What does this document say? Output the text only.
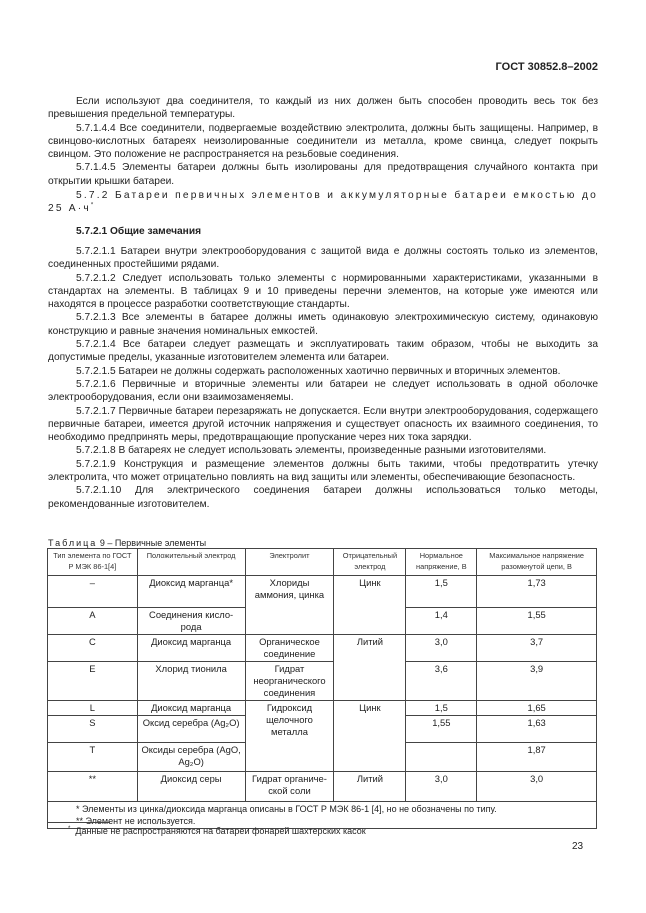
ГОСТ 30852.8–2002

Если используют два соединителя, то каждый из них должен быть способен проводить весь ток без превышения предельной температуры.

5.7.1.4.4 Все соединители, подвергаемые воздействию электролита, должны быть защищены. Например, в свинцово-кислотных батареях неизолированные соединители из металла, кроме свинца, следует покрыть свинцом. Это положение не распространяется на резьбовые соединения.

5.7.1.4.5 Элементы батареи должны быть изолированы для предотвращения случайного контакта при открытии крышки батареи.

5.7.2 Батареи первичных элементов и аккумуляторные батареи емкостью до 25 А·ч*

5.7.2.1 Общие замечания

5.7.2.1.1 Батареи внутри электрооборудования с защитой вида e должны состоять только из элементов, соединенных простейшими рядами.

5.7.2.1.2 Следует использовать только элементы с нормированными характеристиками, указанными в стандартах на элементы. В таблицах 9 и 10 приведены перечни элементов, на которые уже имеются или находятся в процессе разработки соответствующие стандарты.

5.7.2.1.3 Все элементы в батарее должны иметь одинаковую электрохимическую систему, одинаковую конструкцию и равные значения номинальных емкостей.

5.7.2.1.4 Все батареи следует размещать и эксплуатировать таким образом, чтобы не выходить за допустимые пределы, указанные изготовителем элемента или батареи.

5.7.2.1.5 Батареи не должны содержать расположенных хаотично первичных и вторичных элементов.

5.7.2.1.6 Первичные и вторичные элементы или батареи не следует использовать в одной оболочке электрооборудования, если они взаимозаменяемы.

5.7.2.1.7 Первичные батареи перезаряжать не допускается. Если внутри электрооборудования, содержащего первичные батареи, имеется другой источник напряжения и существует опасность их взаимного соединения, то необходимо предпринять меры, предотвращающие пропускание через них тока зарядки.

5.7.2.1.8 В батареях не следует использовать элементы, произведенные разными изготовителями.

5.7.2.1.9 Конструкция и размещение элементов должны быть такими, чтобы предотвратить утечку электролита, что может отрицательно повлиять на вид защиты или элементы, обеспечивающие безопасность.

5.7.2.1.10 Для электрического соединения батареи должны использоваться только методы, рекомендованные изготовителем.

Таблица 9 – Первичные элементы
Тип элемента по ГОСТ Р МЭК 86-1[4]	Положительный электрод	Электролит	Отрицательный электрод	Нормальное напряжение, В	Максимальное напряжение разомкнутой цепи, В
–	Диоксид марганца*	Хлориды аммония, цинка	Цинк	1,5	1,73
A	Соединения кисло-рода			1,4	1,55
C	Диоксид марганца	Органическое соединение	Литий	3,0	3,7
E	Хлорид тионила	Гидрат неорганического соединения		3,6	3,9
L	Диоксид марганца	Гидроксид щелочного металла	Цинк	1,5	1,65
S	Оксид серебра (Ag₂O)			1,55	1,63
T	Оксиды серебра (AgO, Ag₂O)				1,87
**	Диоксид серы	Гидрат органиче-ской соли	Литий	3,0	3,0

* Элементы из цинка/диоксида марганца описаны в ГОСТ Р МЭК 86-1 [4], но не обозначены по типу.
** Элемент не используется.					
* Данные не распространяются на батареи фонарей шахтерских касок
23
